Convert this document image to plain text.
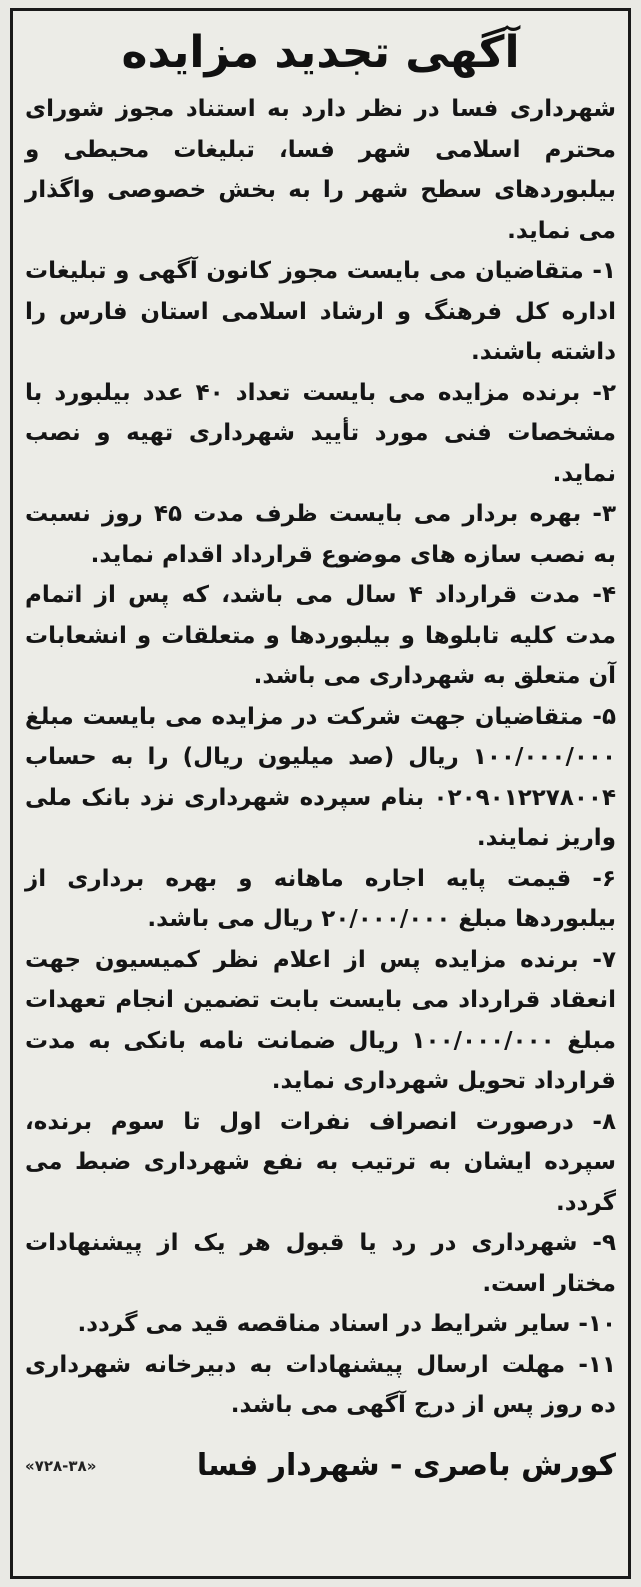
آگهی تجدید مزایده

شهرداری فسا در نظر دارد به استناد مجوز شورای محترم اسلامی شهر فسا، تبلیغات محیطی و بیلبوردهای سطح شهر را به بخش خصوصی واگذار می نماید.

۱- متقاضیان می بایست مجوز کانون آگهی و تبلیغات اداره کل فرهنگ و ارشاد اسلامی استان فارس را داشته باشند.

۲- برنده مزایده می بایست تعداد ۴۰ عدد بیلبورد با مشخصات فنی مورد تأیید شهرداری تهیه و نصب نماید.

۳- بهره بردار می بایست ظرف مدت ۴۵ روز نسبت به نصب سازه های موضوع قرارداد اقدام نماید.

۴- مدت قرارداد ۴ سال می باشد، که پس از اتمام مدت کلیه تابلوها و بیلبوردها و متعلقات و انشعابات آن متعلق به شهرداری می باشد.

۵- متقاضیان جهت شرکت در مزایده می بایست مبلغ ۱۰۰/۰۰۰/۰۰۰ ریال (صد میلیون ریال) را به حساب ۰۲۰۹۰۱۲۲۷۸۰۰۴ بنام سپرده شهرداری نزد بانک ملی واریز نمایند.

۶- قیمت پایه اجاره ماهانه و بهره برداری از بیلبوردها مبلغ ۲۰/۰۰۰/۰۰۰ ریال می باشد.

۷- برنده مزایده پس از اعلام نظر کمیسیون جهت انعقاد قرارداد می بایست بابت تضمین انجام تعهدات مبلغ ۱۰۰/۰۰۰/۰۰۰ ریال ضمانت نامه بانکی به مدت قرارداد تحویل شهرداری نماید.

۸- درصورت انصراف نفرات اول تا سوم برنده، سپرده ایشان به ترتیب به نفع شهرداری ضبط می گردد.

۹- شهرداری در رد یا قبول هر یک از پیشنهادات مختار است.

۱۰- سایر شرایط در اسناد مناقصه قید می گردد.

۱۱- مهلت ارسال پیشنهادات به دبیرخانه شهرداری ده روز پس از درج آگهی می باشد.

کورش باصری - شهردار فسا
«۷۲۸-۳۸»
